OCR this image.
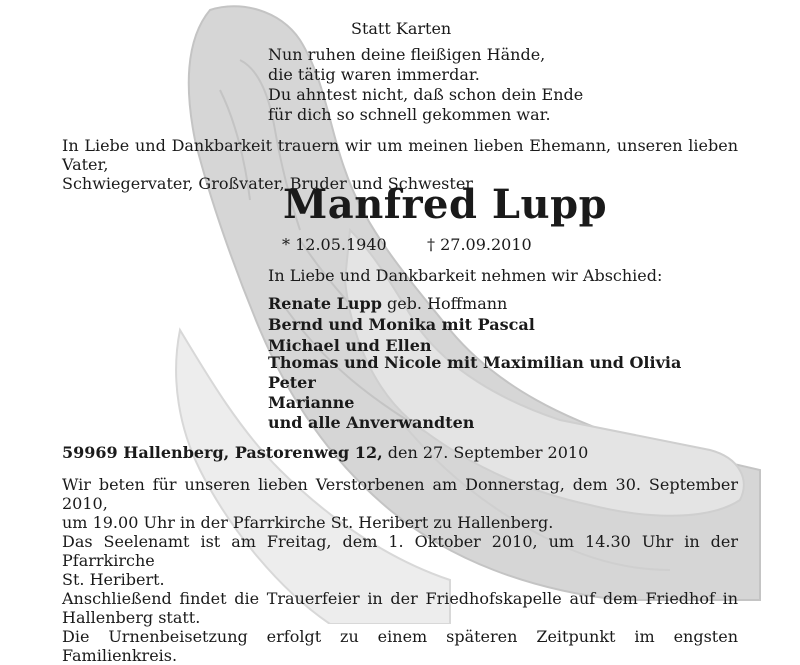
Statt Karten
Nun ruhen deine fleißigen Hände,
die tätig waren immerdar.
Du ahntest nicht, daß schon dein Ende
für dich so schnell gekommen war.
In Liebe und Dankbarkeit trauern wir um meinen lieben Ehemann, unseren lieben Vater,
Schwiegervater, Großvater, Bruder und Schwester
Manfred Lupp
* 12.05.1940	† 27.09.2010
In Liebe und Dankbarkeit nehmen wir Abschied:
Renate Lupp geb. Hoffmann
Bernd und Monika mit Pascal
Michael und Ellen
Thomas und Nicole mit Maximilian und Olivia
Peter
Marianne
und alle Anverwandten
59969 Hallenberg, Pastorenweg 12, den 27. September 2010
Wir beten für unseren lieben Verstorbenen am Donnerstag, dem 30. September 2010,
um 19.00 Uhr in der Pfarrkirche St. Heribert zu Hallenberg.
Das Seelenamt ist am Freitag, dem 1. Oktober 2010, um 14.30 Uhr in der Pfarrkirche
St. Heribert.
Anschließend findet die Trauerfeier in der Friedhofskapelle auf dem Friedhof in
Hallenberg statt.
Die Urnenbeisetzung erfolgt zu einem späteren Zeitpunkt im engsten Familienkreis.
